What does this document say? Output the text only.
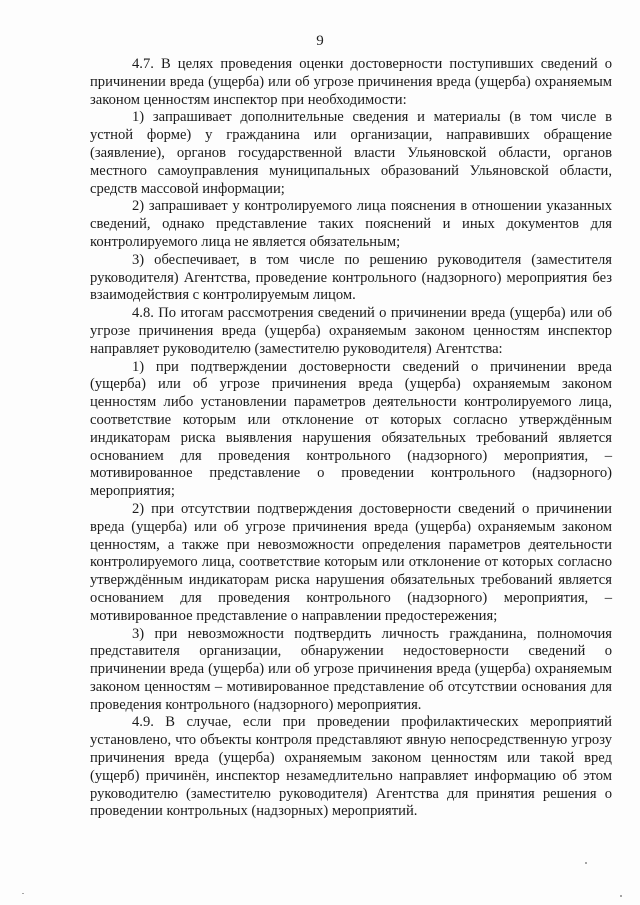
9

4.7. В целях проведения оценки достоверности поступивших сведений о причинении вреда (ущерба) или об угрозе причинения вреда (ущерба) охраняемым законом ценностям инспектор при необходимости:

1) запрашивает дополнительные сведения и материалы (в том числе в устной форме) у гражданина или организации, направивших обращение (заявление), органов государственной власти Ульяновской области, органов местного самоуправления муниципальных образований Ульяновской области, средств массовой информации;

2) запрашивает у контролируемого лица пояснения в отношении указанных сведений, однако представление таких пояснений и иных документов для контролируемого лица не является обязательным;

3) обеспечивает, в том числе по решению руководителя (заместителя руководителя) Агентства, проведение контрольного (надзорного) мероприятия без взаимодействия с контролируемым лицом.

4.8. По итогам рассмотрения сведений о причинении вреда (ущерба) или об угрозе причинения вреда (ущерба) охраняемым законом ценностям инспектор направляет руководителю (заместителю руководителя) Агентства:

1) при подтверждении достоверности сведений о причинении вреда (ущерба) или об угрозе причинения вреда (ущерба) охраняемым законом ценностям либо установлении параметров деятельности контролируемого лица, соответствие которым или отклонение от которых согласно утверждённым индикаторам риска выявления нарушения обязательных требований является основанием для проведения контрольного (надзорного) мероприятия, – мотивированное представление о проведении контрольного (надзорного) мероприятия;

2) при отсутствии подтверждения достоверности сведений о причинении вреда (ущерба) или об угрозе причинения вреда (ущерба) охраняемым законом ценностям, а также при невозможности определения параметров деятельности контролируемого лица, соответствие которым или отклонение от которых согласно утверждённым индикаторам риска нарушения обязательных требований является основанием для проведения контрольного (надзорного) мероприятия, – мотивированное представление о направлении предостережения;

3) при невозможности подтвердить личность гражданина, полномочия представителя организации, обнаружении недостоверности сведений о причинении вреда (ущерба) или об угрозе причинения вреда (ущерба) охраняемым законом ценностям – мотивированное представление об отсутствии основания для проведения контрольного (надзорного) мероприятия.

4.9. В случае, если при проведении профилактических мероприятий установлено, что объекты контроля представляют явную непосредственную угрозу причинения вреда (ущерба) охраняемым законом ценностям или такой вред (ущерб) причинён, инспектор незамедлительно направляет информацию об этом руководителю (заместителю руководителя) Агентства для принятия решения о проведении контрольных (надзорных) мероприятий.
